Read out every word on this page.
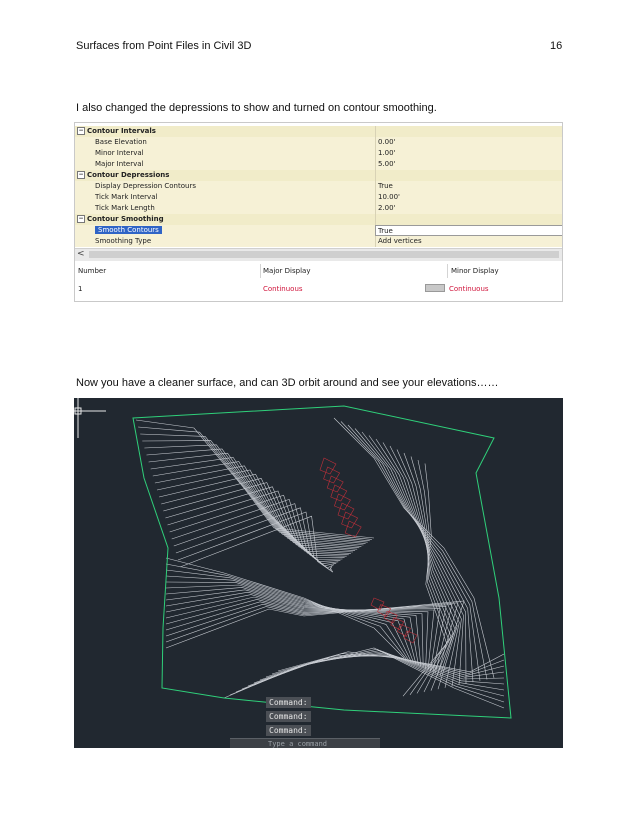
Surfaces from Point Files in Civil 3D	16
I also changed the depressions to show and turned on contour smoothing.
− Contour Intervals
Base Elevation	0.00'
Minor Interval	1.00'
Major Interval	5.00'
− Contour Depressions
Display Depression Contours	True
Tick Mark Interval	10.00'
Tick Mark Length	2.00'
− Contour Smoothing
Smooth Contours	True
Smoothing Type	Add vertices
<
Number	Major Display	Minor Display
1	Continuous	Continuous
Now you have a cleaner surface, and can 3D orbit around and see your elevations……
Command:
Command:
Command:
Type a command
